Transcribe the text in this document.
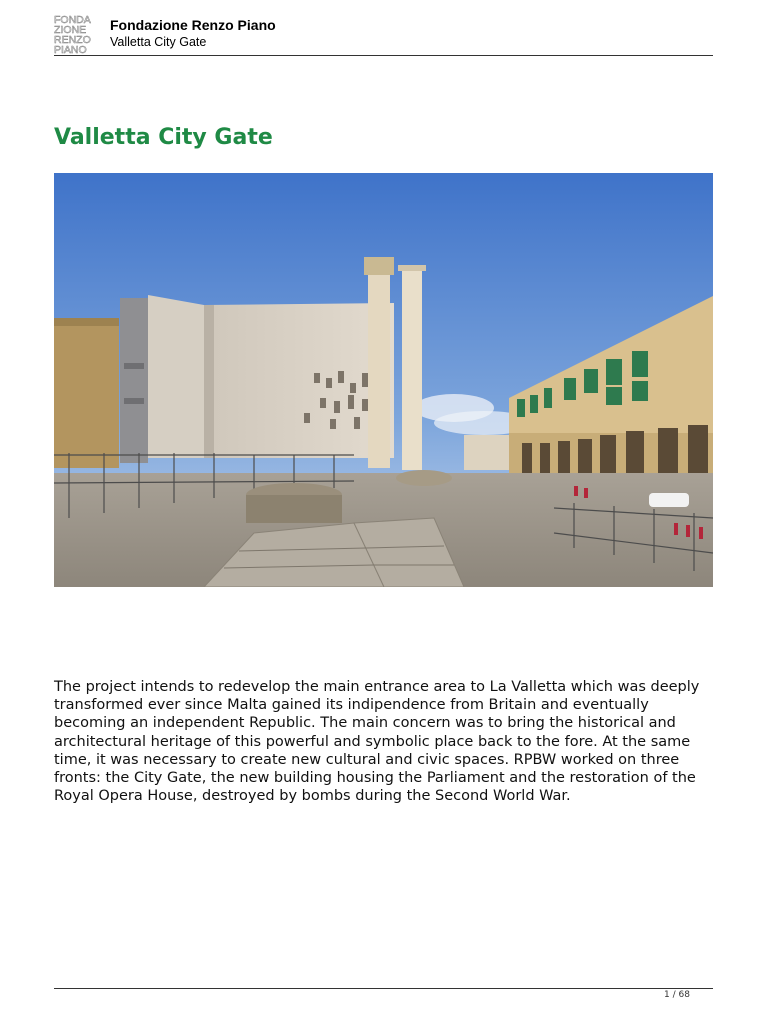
FONDA
ZIONE
RENZO
PIANO
Fondazione Renzo Piano
Valletta City Gate
Valletta City Gate

The project intends to redevelop the main entrance area to La Valletta which was deeply transformed ever since Malta gained its indipendence from Britain and eventually becoming an independent Republic. The main concern was to bring the historical and architectural heritage of this powerful and symbolic place back to the fore. At the same time, it was necessary to create new cultural and civic spaces. RPBW worked on three fronts: the City Gate, the new building housing the Parliament and the restoration of the Royal Opera House, destroyed by bombs during the Second World War.

1 / 68
